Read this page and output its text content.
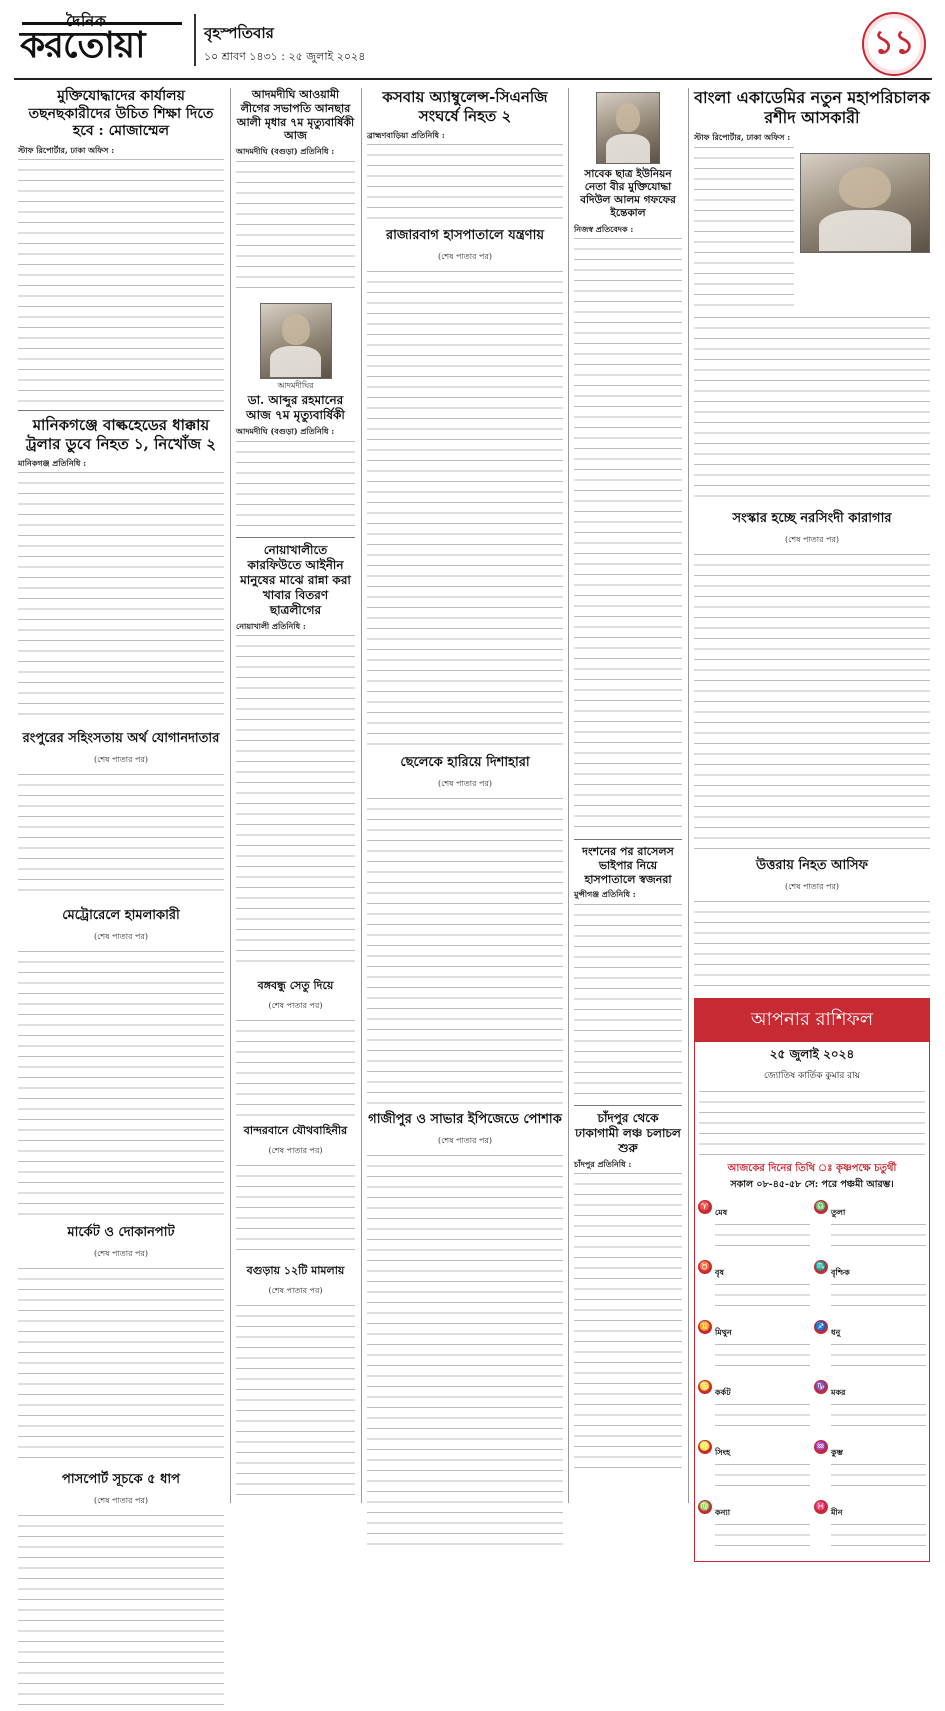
দৈনিক
করতোয়া	বৃহস্পতিবার
১০ শ্রাবণ ১৪৩১ : ২৫ জুলাই ২০২৪	১১
মুক্তিযোদ্ধাদের কার্যালয় তছনছকারীদের উচিত শিক্ষা দিতে হবে : মোজাম্মেল
স্টাফ রিপোর্টার, ঢাকা অফিস :
মানিকগঞ্জে বাল্কহেডের ধাক্কায় ট্রলার ডুবে নিহত ১, নিখোঁজ ২
মানিকগঞ্জ প্রতিনিধি :
রংপুরের সহিংসতায় অর্থ যোগানদাতার
(শেষ পাতার পর)
মেট্রোরেলে হামলাকারী
(শেষ পাতার পর)
মার্কেট ও দোকানপাট
(শেষ পাতার পর)
পাসপোর্ট সূচকে ৫ ধাপ
(শেষ পাতার পর)
আদমদীঘি আওয়ামী লীগের সভাপতি আনছার আলী মৃধার ৭ম মৃত্যুবার্ষিকী আজ
আদমদীঘি (বগুড়া) প্রতিনিধি :
আদমদীঘির
ডা. আব্দুর রহমানের আজ ৭ম মৃত্যুবার্ষিকী
আদমদীঘি (বগুড়া) প্রতিনিধি :
নোয়াখালীতে কারফিউতে আইনীন মানুষের মাঝে রান্না করা খাবার বিতরণ ছাত্রলীগের
নোয়াখালী প্রতিনিধি :
বঙ্গবন্ধু সেতু দিয়ে
(শেষ পাতার পর)
বান্দরবানে যৌথবাহিনীর
(শেষ পাতার পর)
বগুড়ায় ১২টি মামলায়
(শেষ পাতার পর)
কসবায় অ্যাম্বুলেন্স-সিএনজি সংঘর্ষে নিহত ২
ব্রাহ্মণবাড়িয়া প্রতিনিধি :
রাজারবাগ হাসপাতালে যন্ত্রণায়
(শেষ পাতার পর)
ছেলেকে হারিয়ে দিশাহারা
(শেষ পাতার পর)
গাজীপুর ও সাভার ইপিজেডে পোশাক
(শেষ পাতার পর)
সাবেক ছাত্র ইউনিয়ন নেতা বীর মুক্তিযোদ্ধা বদিউল আলম গফফের ইন্তেকাল
নিজস্ব প্রতিবেদক :
দংশনের পর রাসেলস ভাইপার নিয়ে হাসপাতালে স্বজনরা
মুন্সীগঞ্জ প্রতিনিধি :
চাঁদপুর থেকে ঢাকাগামী লঞ্চ চলাচল শুরু
চাঁদপুর প্রতিনিধি :
বাংলা একাডেমির নতুন মহাপরিচালক রশীদ আসকারী
স্টাফ রিপোর্টার, ঢাকা অফিস :
সংস্কার হচ্ছে নরসিংদী কারাগার
(শেষ পাতার পর)
উত্তরায় নিহত আসিফ
(শেষ পাতার পর)
আপনার রাশিফল
২৫ জুলাই ২০২৪
জ্যোতিষ কার্তিক কুমার রায়
আজকের দিনের তিথি ঃ কৃষ্ণপক্ষে চতুর্থী
সকাল ০৮-৪৫-৫৮ সে: পরে পঞ্চমী আরম্ভ।
♈ মেষ	♎ তুলা
♉ বৃষ	♏ বৃশ্চিক
♊ মিথুন	♐ ধনু
♋ কর্কট	♑ মকর
♌ সিংহ	♒ কুম্ভ
♍ কন্যা	♓ মীন
